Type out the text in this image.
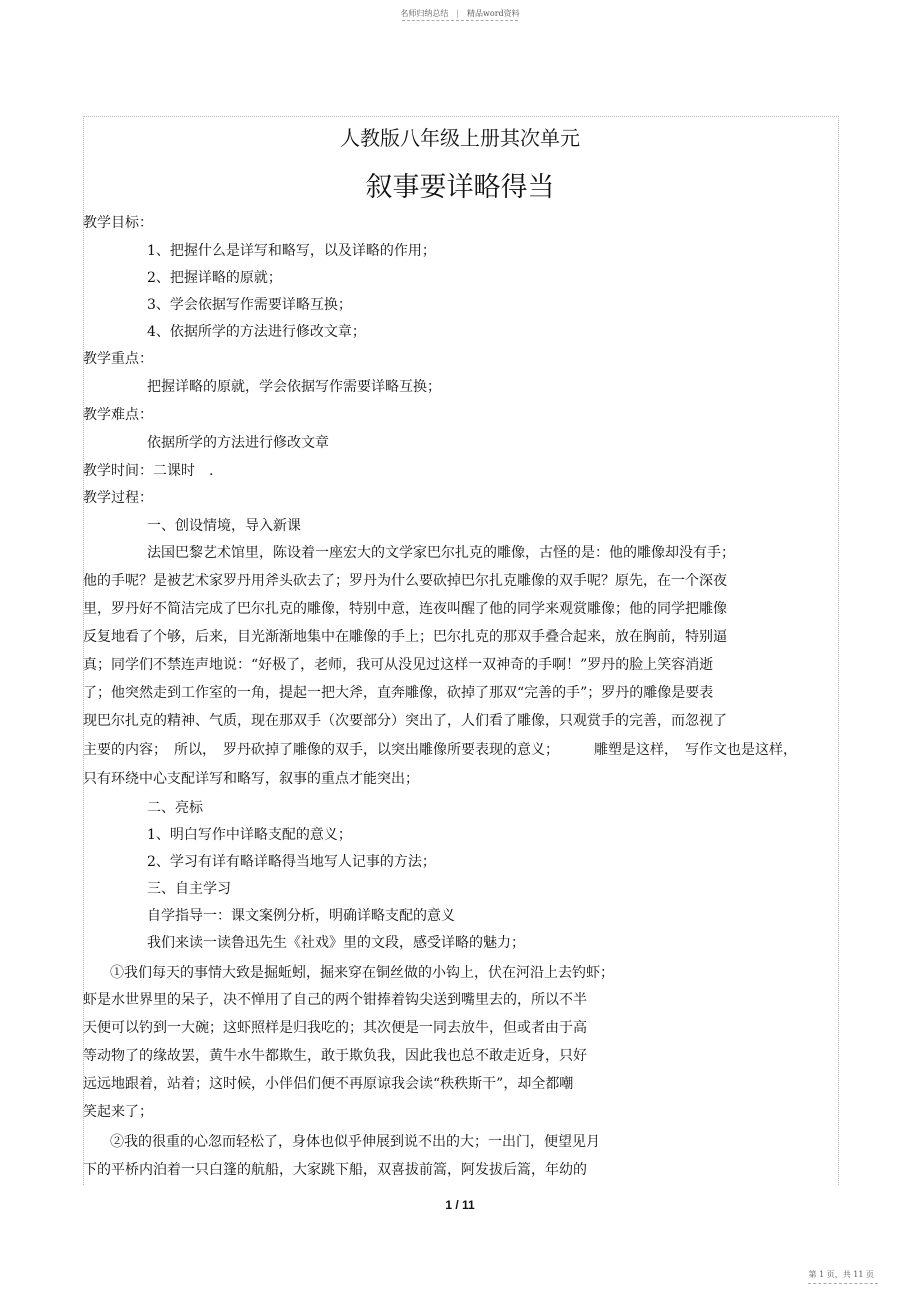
名师归纳总结 | 精品word资料
人教版八年级上册其次单元
叙事要详略得当
教学目标：
1、把握什么是详写和略写，以及详略的作用；
2、把握详略的原就；
3、学会依据写作需要详略互换；
4、依据所学的方法进行修改文章；
教学重点：
把握详略的原就，学会依据写作需要详略互换；
教学难点：
依据所学的方法进行修改文章
教学时间：二课时　.
教学过程：
一、创设情境，导入新课
法国巴黎艺术馆里，陈设着一座宏大的文学家巴尔扎克的雕像，古怪的是：他的雕像却没有手；
他的手呢？是被艺术家罗丹用斧头砍去了；罗丹为什么要砍掉巴尔扎克雕像的双手呢？原先，在一个深夜
里，罗丹好不简洁完成了巴尔扎克的雕像，特别中意，连夜叫醒了他的同学来观赏雕像；他的同学把雕像
反复地看了个够，后来，目光渐渐地集中在雕像的手上；巴尔扎克的那双手叠合起来，放在胸前，特别逼
真；同学们不禁连声地说：“好极了，老师，我可从没见过这样一双神奇的手啊！”罗丹的脸上笑容消逝
了；他突然走到工作室的一角，提起一把大斧，直奔雕像，砍掉了那双“完善的手”；罗丹的雕像是要表
现巴尔扎克的精神、气质，现在那双手（次要部分）突出了，人们看了雕像，只观赏手的完善，而忽视了
主要的内容；　所以，　罗丹砍掉了雕像的双手，以突出雕像所要表现的意义；　　　雕塑是这样，　写作文也是这样，
只有环绕中心支配详写和略写，叙事的重点才能突出；
二、亮标
1、明白写作中详略支配的意义；
2、学习有详有略详略得当地写人记事的方法；
三、自主学习
自学指导一：课文案例分析，明确详略支配的意义
我们来读一读鲁迅先生《社戏》里的文段，感受详略的魅力；
①我们每天的事情大致是掘蚯蚓，掘来穿在铜丝做的小钩上，伏在河沿上去钓虾；
虾是水世界里的呆子，决不惮用了自己的两个钳捧着钩尖送到嘴里去的，所以不半
天便可以钓到一大碗；这虾照样是归我吃的；其次便是一同去放牛，但或者由于高
等动物了的缘故罢，黄牛水牛都欺生，敢于欺负我，因此我也总不敢走近身，只好
远远地跟着，站着；这时候，小伴侣们便不再原谅我会读“秩秩斯干”，却全都嘲
笑起来了；
②我的很重的心忽而轻松了，身体也似乎伸展到说不出的大；一出门，便望见月
下的平桥内泊着一只白篷的航船，大家跳下船，双喜拔前篙，阿发拔后篙，年幼的
1 / 11
第 1 页，共 11 页
